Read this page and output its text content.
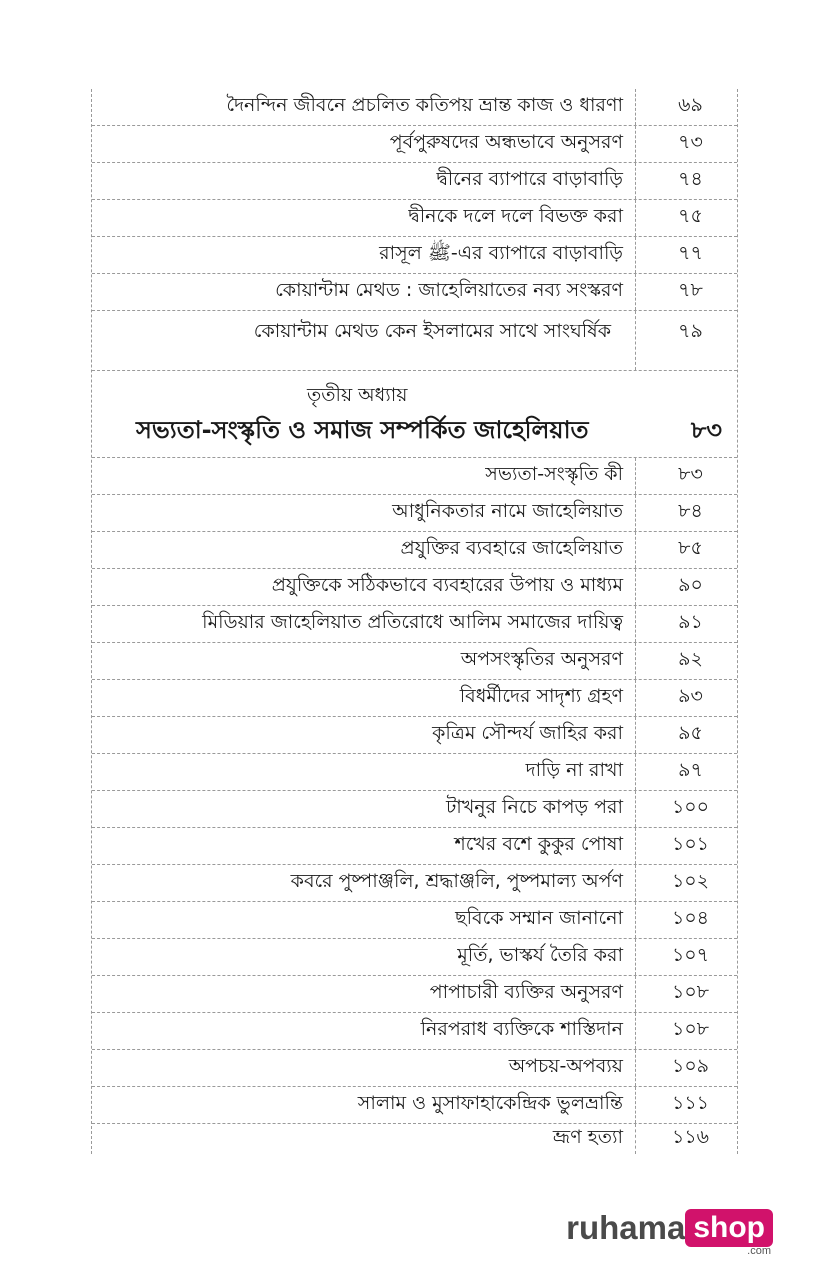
দৈনন্দিন জীবনে প্রচলিত কতিপয় ভ্রান্ত কাজ ও ধারণা	৬৯
পূর্বপুরুষদের অন্ধভাবে অনুসরণ	৭৩
দ্বীনের ব্যাপারে বাড়াবাড়ি	৭৪
দ্বীনকে দলে দলে বিভক্ত করা	৭৫
রাসূল ﷺ-এর ব্যাপারে বাড়াবাড়ি	৭৭
কোয়ান্টাম মেথড : জাহেলিয়াতের নব্য সংস্করণ	৭৮
কোয়ান্টাম মেথড কেন ইসলামের সাথে সাংঘর্ষিক	৭৯
তৃতীয় অধ্যায়
সভ্যতা-সংস্কৃতি ও সমাজ সম্পর্কিত জাহেলিয়াত	৮৩
সভ্যতা-সংস্কৃতি কী	৮৩
আধুনিকতার নামে জাহেলিয়াত	৮৪
প্রযুক্তির ব্যবহারে জাহেলিয়াত	৮৫
প্রযুক্তিকে সঠিকভাবে ব্যবহারের উপায় ও মাধ্যম	৯০
মিডিয়ার জাহেলিয়াত প্রতিরোধে আলিম সমাজের দায়িত্ব	৯১
অপসংস্কৃতির অনুসরণ	৯২
বিধর্মীদের সাদৃশ্য গ্রহণ	৯৩
কৃত্রিম সৌন্দর্য জাহির করা	৯৫
দাড়ি না রাখা	৯৭
টাখনুর নিচে কাপড় পরা	১০০
শখের বশে কুকুর পোষা	১০১
কবরে পুষ্পাঞ্জলি, শ্রদ্ধাঞ্জলি, পুষ্পমাল্য অর্পণ	১০২
ছবিকে সম্মান জানানো	১০৪
মূর্তি, ভাস্কর্য তৈরি করা	১০৭
পাপাচারী ব্যক্তির অনুসরণ	১০৮
নিরপরাধ ব্যক্তিকে শাস্তিদান	১০৮
অপচয়-অপব্যয়	১০৯
সালাম ও মুসাফাহাকেন্দ্রিক ভুলভ্রান্তি	১১১
ভ্রূণ হত্যা	১১৬
ruhama shop
.com
